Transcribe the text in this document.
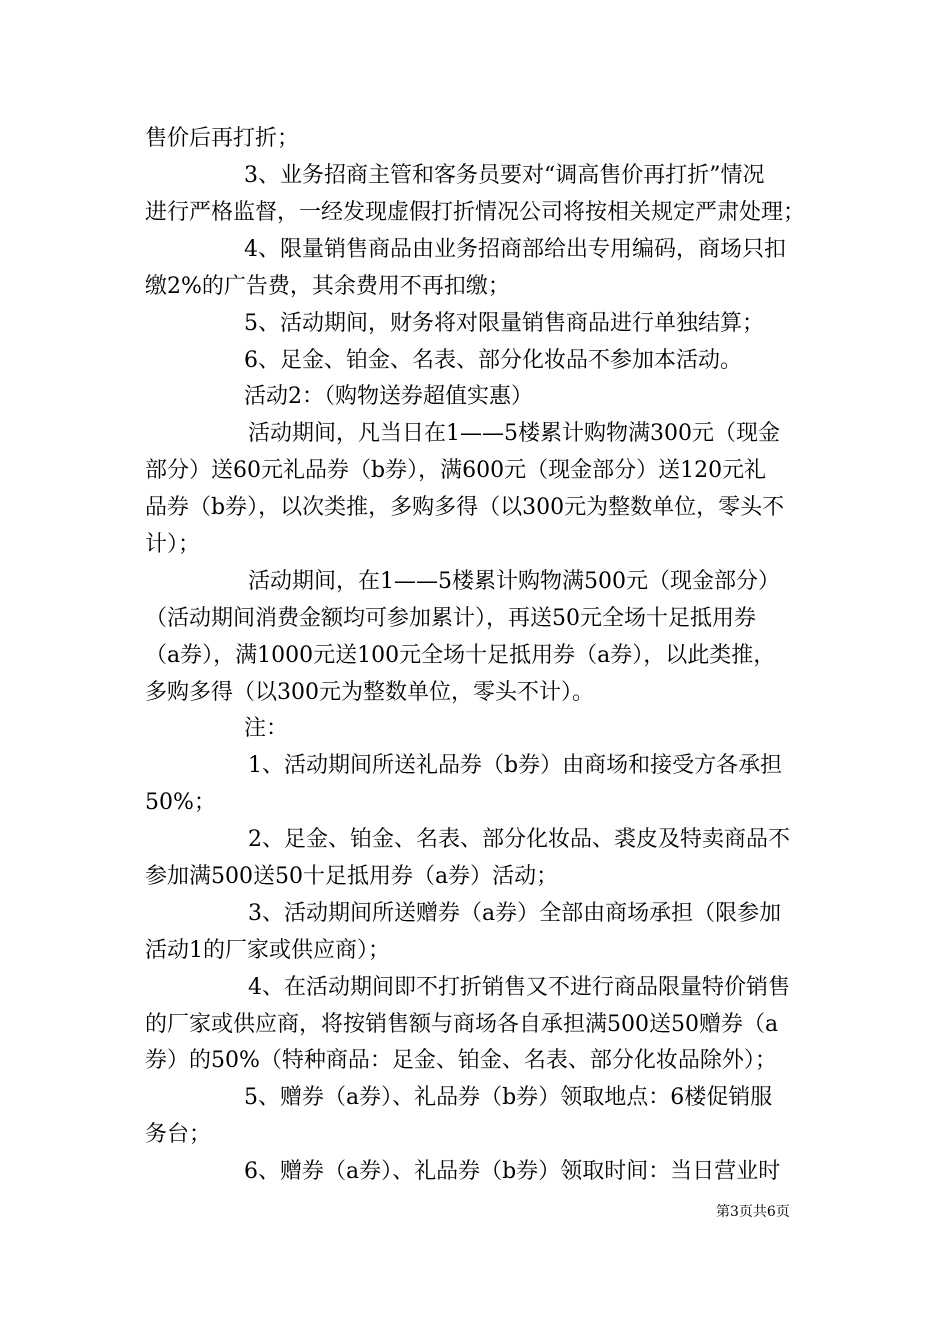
售价后再打折；

3、业务招商主管和客务员要对“调高售价再打折”情况

进行严格监督，一经发现虚假打折情况公司将按相关规定严肃处理；

4、限量销售商品由业务招商部给出专用编码，商场只扣

缴2%的广告费，其余费用不再扣缴；

5、活动期间，财务将对限量销售商品进行单独结算；

6、足金、铂金、名表、部分化妆品不参加本活动。

活动2：（购物送券超值实惠）

活动期间，凡当日在1——5楼累计购物满300元（现金

部分）送60元礼品券（b券），满600元（现金部分）送120元礼

品券（b券），以次类推，多购多得（以300元为整数单位，零头不

计）；

活动期间，在1——5楼累计购物满500元（现金部分）

（活动期间消费金额均可参加累计），再送50元全场十足抵用券

（a券），满1000元送100元全场十足抵用券（a券），以此类推，

多购多得（以300元为整数单位，零头不计）。

注：

1、活动期间所送礼品券（b券）由商场和接受方各承担

50%；

2、足金、铂金、名表、部分化妆品、裘皮及特卖商品不

参加满500送50十足抵用券（a券）活动；

3、活动期间所送赠券（a券）全部由商场承担（限参加

活动1的厂家或供应商）；

4、在活动期间即不打折销售又不进行商品限量特价销售

的厂家或供应商，将按销售额与商场各自承担满500送50赠券（a

券）的50%（特种商品：足金、铂金、名表、部分化妆品除外）；

5、赠券（a券）、礼品券（b券）领取地点：6楼促销服

务台；

6、赠券（a券）、礼品券（b券）领取时间：当日营业时

第3页共6页
